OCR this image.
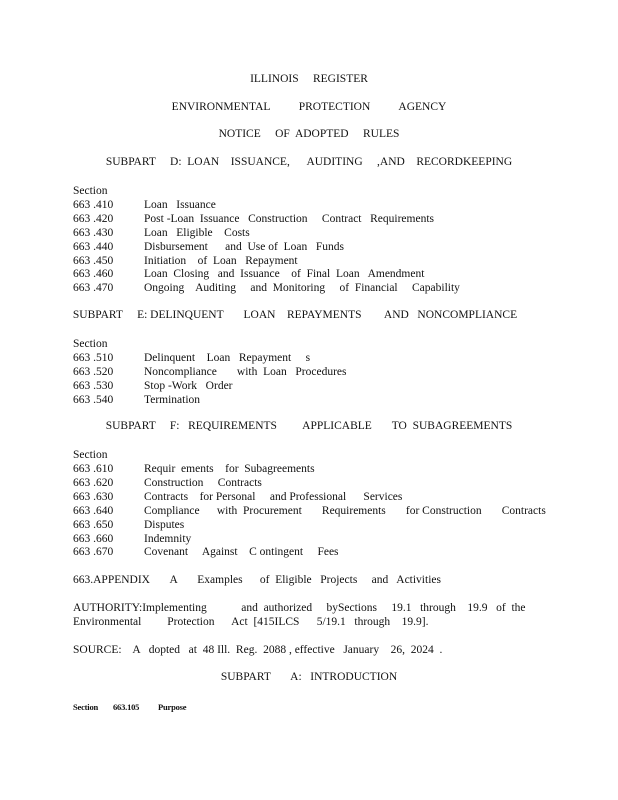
ILLINOIS     REGISTER
ENVIRONMENTAL          PROTECTION          AGENCY
NOTICE     OF  ADOPTED     RULES
SUBPART     D:  LOAN    ISSUANCE,      AUDITING     ,AND    RECORDKEEPING
Section
663 .410	Loan   Issuance
663 .420	Post -Loan  Issuance   Construction     Contract   Requirements
663 .430	Loan   Eligible    Costs
663 .440	Disbursement      and  Use of  Loan   Funds
663 .450	Initiation    of  Loan   Repayment
663 .460	Loan  Closing   and  Issuance    of  Final  Loan   Amendment
663 .470	Ongoing    Auditing     and  Monitoring     of  Financial     Capability
SUBPART     E: DELINQUENT       LOAN    REPAYMENTS        AND   NONCOMPLIANCE
Section
663 .510	Delinquent    Loan   Repayment     s
663 .520	Noncompliance       with  Loan   Procedures
663 .530	Stop -Work   Order
663 .540	Termination
SUBPART     F:   REQUIREMENTS         APPLICABLE       TO  SUBAGREEMENTS
Section
663 .610	Requir  ements    for  Subagreements
663 .620	Construction     Contracts
663 .630	Contracts    for Personal     and Professional      Services
663 .640	Compliance      with  Procurement       Requirements       for Construction       Contracts
663 .650	Disputes
663 .660	Indemnity
663 .670	Covenant     Against    C ontingent     Fees
663.APPENDIX       A       Examples      of  Eligible   Projects     and   Activities
AUTHORITY:Implementing            and  authorized     bySections     19.1   through    19.9   of  the
Environmental         Protection      Act  [415ILCS      5/19.1   through    19.9].
SOURCE:    A   dopted   at  48 Ill.  Reg.  2088 , effective   January    26,  2024  .
SUBPART       A:   INTRODUCTION
Section 663.105 Purpose
